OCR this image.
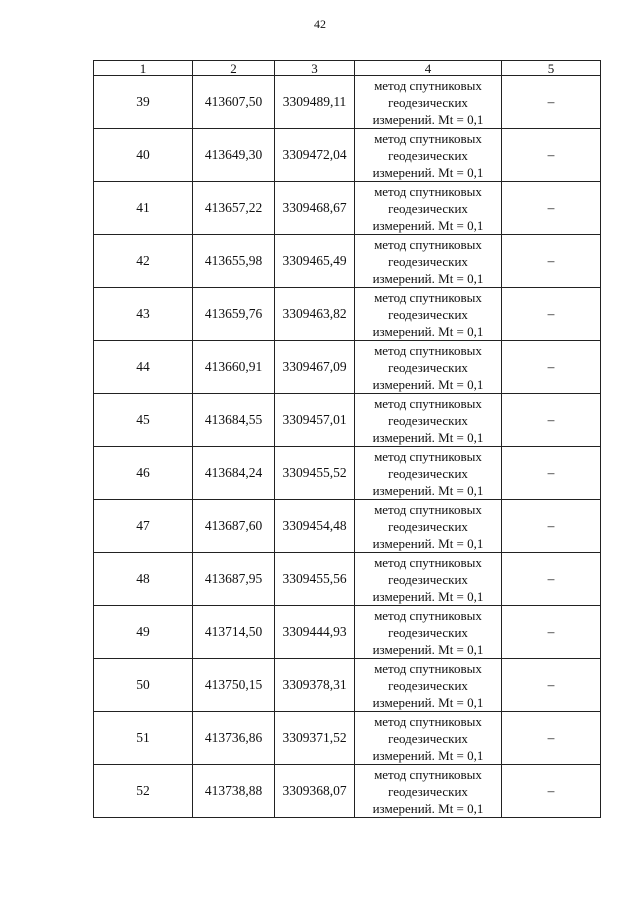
42
1	2	3	4	5
39	413607,50	3309489,11	метод спутниковых
геодезических
измерений. Mt = 0,1	–
40	413649,30	3309472,04	метод спутниковых
геодезических
измерений. Mt = 0,1	–
41	413657,22	3309468,67	метод спутниковых
геодезических
измерений. Mt = 0,1	–
42	413655,98	3309465,49	метод спутниковых
геодезических
измерений. Mt = 0,1	–
43	413659,76	3309463,82	метод спутниковых
геодезических
измерений. Mt = 0,1	–
44	413660,91	3309467,09	метод спутниковых
геодезических
измерений. Mt = 0,1	–
45	413684,55	3309457,01	метод спутниковых
геодезических
измерений. Mt = 0,1	–
46	413684,24	3309455,52	метод спутниковых
геодезических
измерений. Mt = 0,1	–
47	413687,60	3309454,48	метод спутниковых
геодезических
измерений. Mt = 0,1	–
48	413687,95	3309455,56	метод спутниковых
геодезических
измерений. Mt = 0,1	–
49	413714,50	3309444,93	метод спутниковых
геодезических
измерений. Mt = 0,1	–
50	413750,15	3309378,31	метод спутниковых
геодезических
измерений. Mt = 0,1	–
51	413736,86	3309371,52	метод спутниковых
геодезических
измерений. Mt = 0,1	–
52	413738,88	3309368,07	метод спутниковых
геодезических
измерений. Mt = 0,1	–
